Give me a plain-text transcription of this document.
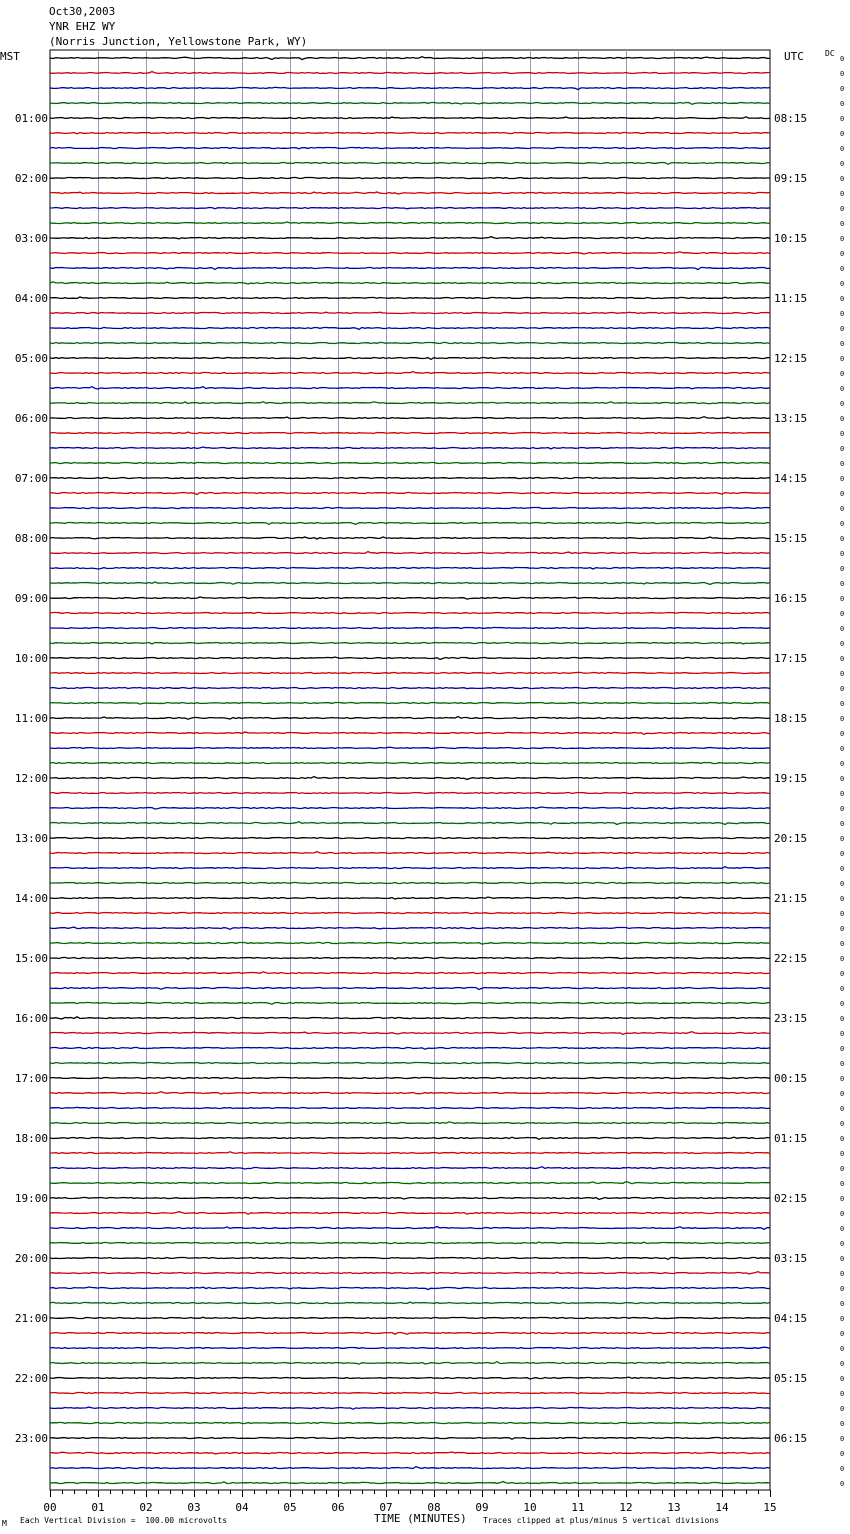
0
0
0
0
0
0
0
0
0
0
0
0
0
0
0
0
0
0
0
0
0
0
0
0
0
0
0
0
0
0
0
0
0
0
0
0
0
0
0
0
0
0
0
0
0
0
0
0
0
0
0
0
0
0
0
0
0
0
0
0
0
0
0
0
0
0
0
0
0
0
0
0
0
0
0
0
0
0
0
0
0
0
0
0
0
0
0
0
0
0
0
0
0
0
0
0
01:00
02:00
03:00
04:00
05:00
06:00
07:00
08:00
09:00
10:00
11:00
12:00
13:00
14:00
15:00
16:00
17:00
18:00
19:00
20:00
21:00
22:00
23:00
08:15
09:15
10:15
11:15
12:15
13:15
14:15
15:15
16:15
17:15
18:15
19:15
20:15
21:15
22:15
23:15
00:15
01:15
02:15
03:15
04:15
05:15
06:15
00	01	02	03	04	05	06	07	08	09	10	11	12	13	14	15
Oct30,2003
YNR EHZ WY
(Norris Junction, Yellowstone Park, WY)
MST	UTC	DC
M Each Vertical Division =  100.00 microvolts	TIME (MINUTES) Traces clipped at plus/minus 5 vertical divisions
